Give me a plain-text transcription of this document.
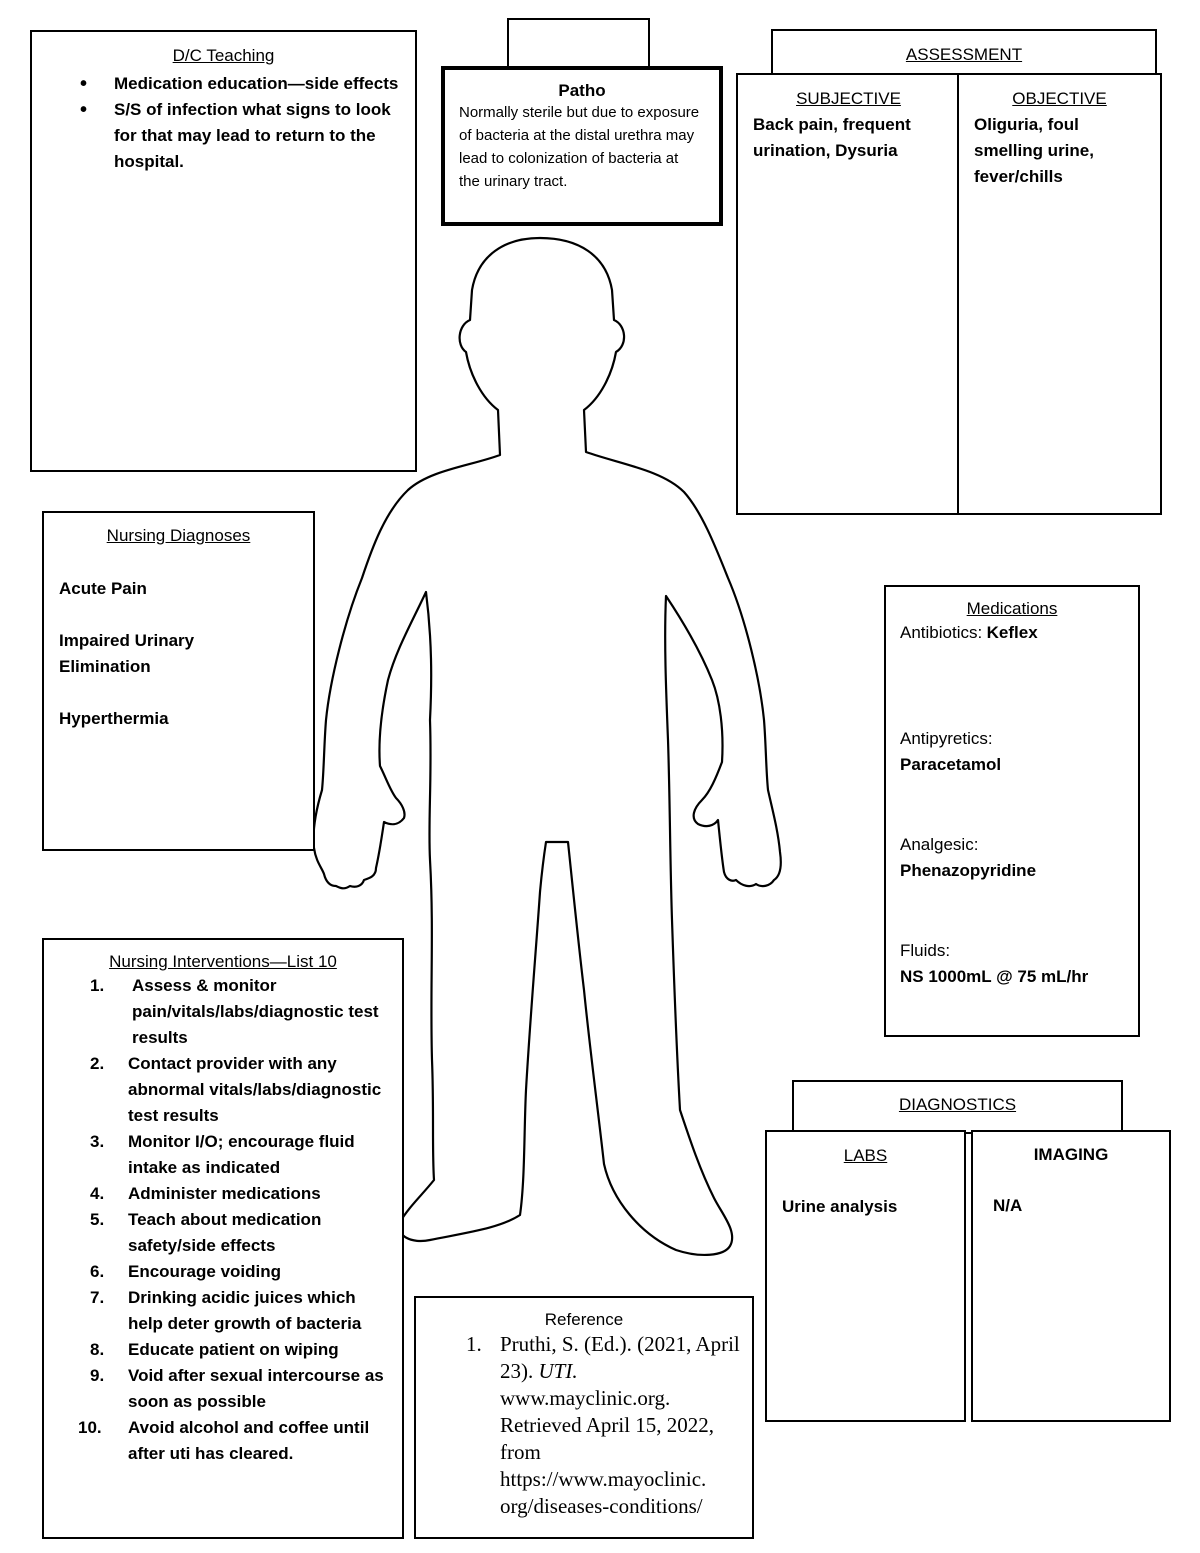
D/C Teaching
• Medication education—side effects
• S/S of infection what signs to look for that may lead to return to the hospital.
Patho
Normally sterile but due to exposure of bacteria at the distal urethra may lead to colonization of bacteria at the urinary tract.
ASSESSMENT
SUBJECTIVE
Back pain, frequent urination, Dysuria
OBJECTIVE
Oliguria, foul smelling urine, fever/chills
Nursing Diagnoses
Acute Pain
Impaired Urinary Elimination
Hyperthermia
Medications
Antibiotics: Keflex
Antipyretics:
Paracetamol
Analgesic:
Phenazopyridine
Fluids:
NS 1000mL @ 75 mL/hr
Nursing Interventions—List 10
1. Assess & monitor pain/vitals/labs/diagnostic test results
2. Contact provider with any abnormal vitals/labs/diagnostic test results
3. Monitor I/O; encourage fluid intake as indicated
4. Administer medications
5. Teach about medication safety/side effects
6. Encourage voiding
7. Drinking acidic juices which help deter growth of bacteria
8. Educate patient on wiping
9. Void after sexual intercourse as soon as possible
10. Avoid alcohol and coffee until after uti has cleared.
Reference
1. Pruthi, S. (Ed.). (2021, April 23). UTI.
www.mayclinic.org.
Retrieved April 15, 2022, from
https://www.mayoclinic.
org/diseases-conditions/
DIAGNOSTICS
LABS
Urine analysis
IMAGING
N/A
